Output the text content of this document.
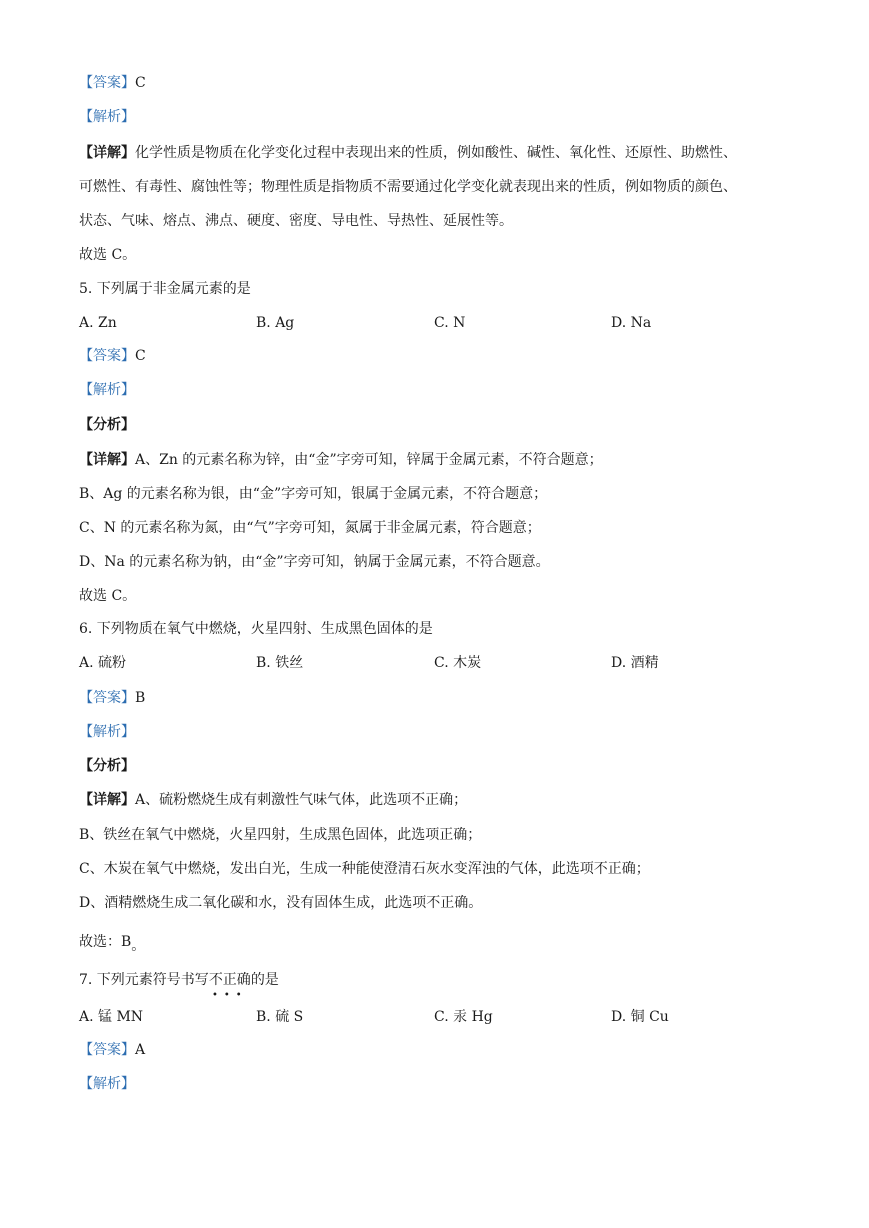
【答案】C
【解析】
【详解】化学性质是物质在化学变化过程中表现出来的性质，例如酸性、碱性、氧化性、还原性、助燃性、
可燃性、有毒性、腐蚀性等；物理性质是指物质不需要通过化学变化就表现出来的性质，例如物质的颜色、
状态、气味、熔点、沸点、硬度、密度、导电性、导热性、延展性等。
故选 C。
5. 下列属于非金属元素的是
A. Zn	B. Ag	C. N	D. Na
【答案】C
【解析】
【分析】
【详解】A、Zn 的元素名称为锌，由“金”字旁可知，锌属于金属元素，不符合题意；
B、Ag 的元素名称为银，由“金”字旁可知，银属于金属元素，不符合题意；
C、N 的元素名称为氮，由“气”字旁可知，氮属于非金属元素，符合题意；
D、Na 的元素名称为钠，由“金”字旁可知，钠属于金属元素，不符合题意。
故选 C。
6. 下列物质在氧气中燃烧，火星四射、生成黑色固体的是
A. 硫粉	B. 铁丝	C. 木炭	D. 酒精
【答案】B
【解析】
【分析】
【详解】A、硫粉燃烧生成有刺激性气味气体，此选项不正确；
B、铁丝在氧气中燃烧，火星四射，生成黑色固体，此选项正确；
C、木炭在氧气中燃烧，发出白光，生成一种能使澄清石灰水变浑浊的气体，此选项不正确；
D、酒精燃烧生成二氧化碳和水，没有固体生成，此选项不正确。
故选：B。
7. 下列元素符号书写不正确
•••
的是
A. 锰 MN	B. 硫 S	C. 汞 Hg	D. 铜 Cu
【答案】A
【解析】
